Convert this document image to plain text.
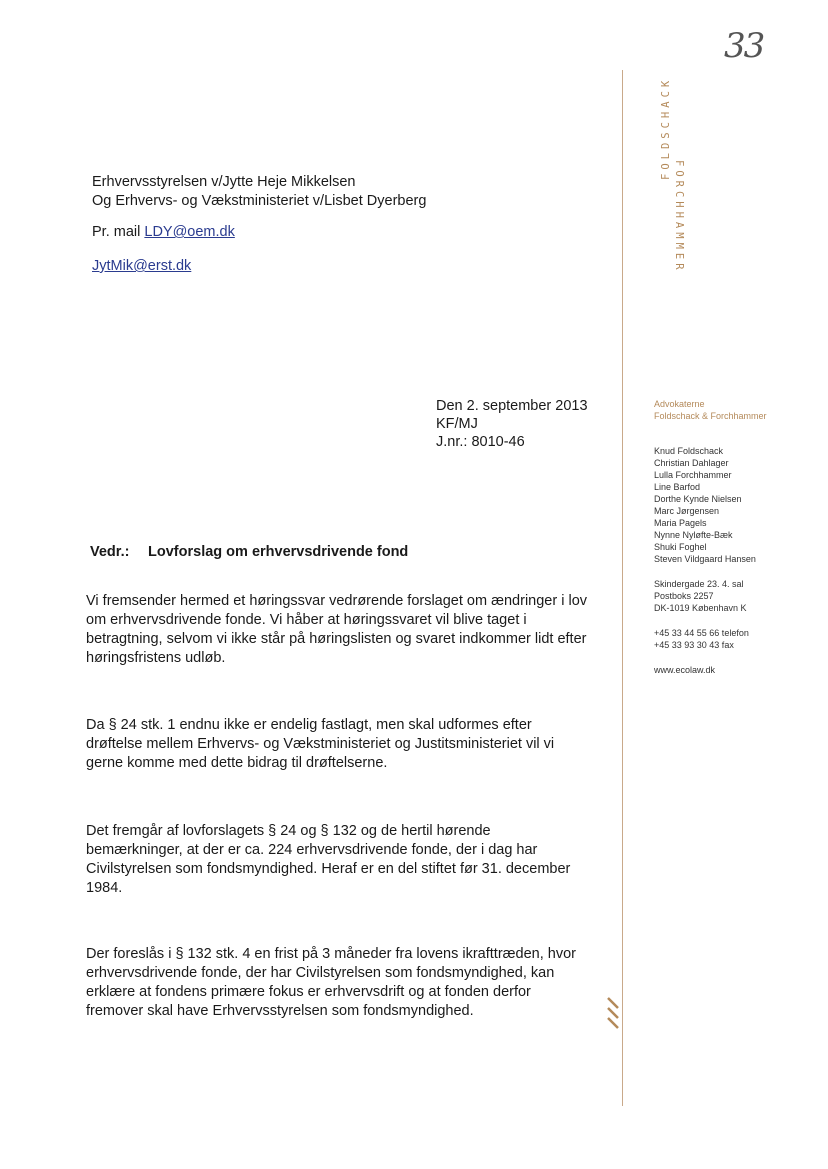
33
Erhvervsstyrelsen v/Jytte Heje Mikkelsen
Og Erhvervs- og Vækstministeriet v/Lisbet Dyerberg
Pr. mail LDY@oem.dk
JytMik@erst.dk
Den 2. september 2013
KF/MJ
J.nr.: 8010-46
Vedr.: Lovforslag om erhvervsdrivende fond
Vi fremsender hermed et høringssvar vedrørende forslaget om ændringer i lov
om erhvervsdrivende fonde. Vi håber at høringssvaret vil blive taget i
betragtning, selvom vi ikke står på høringslisten og svaret indkommer lidt efter
høringsfristens udløb.
Da § 24 stk. 1 endnu ikke er endelig fastlagt, men skal udformes efter
drøftelse mellem Erhvervs- og Vækstministeriet og Justitsministeriet vil vi
gerne komme med dette bidrag til drøftelserne.
Det fremgår af lovforslagets § 24 og § 132 og de hertil hørende
bemærkninger, at der er ca. 224 erhvervsdrivende fonde, der i dag har
Civilstyrelsen som fondsmyndighed. Heraf er en del stiftet før 31. december
1984.
Der foreslås i § 132 stk. 4 en frist på 3 måneder fra lovens ikrafttræden, hvor
erhvervsdrivende fonde, der har Civilstyrelsen som fondsmyndighed, kan
erklære at fondens primære fokus er erhvervsdrift og at fonden derfor
fremover skal have Erhvervsstyrelsen som fondsmyndighed.
FOLDSCHACK
FORCHHAMMER
Advokaterne
Foldschack & Forchhammer
Knud Foldschack
Christian Dahlager
Lulla Forchhammer
Line Barfod
Dorthe Kynde Nielsen
Marc Jørgensen
Maria Pagels
Nynne Nyløfte-Bæk
Shuki Foghel
Steven Vildgaard Hansen
Skindergade 23. 4. sal
Postboks 2257
DK-1019 København K
+45 33 44 55 66 telefon
+45 33 93 30 43 fax
www.ecolaw.dk
